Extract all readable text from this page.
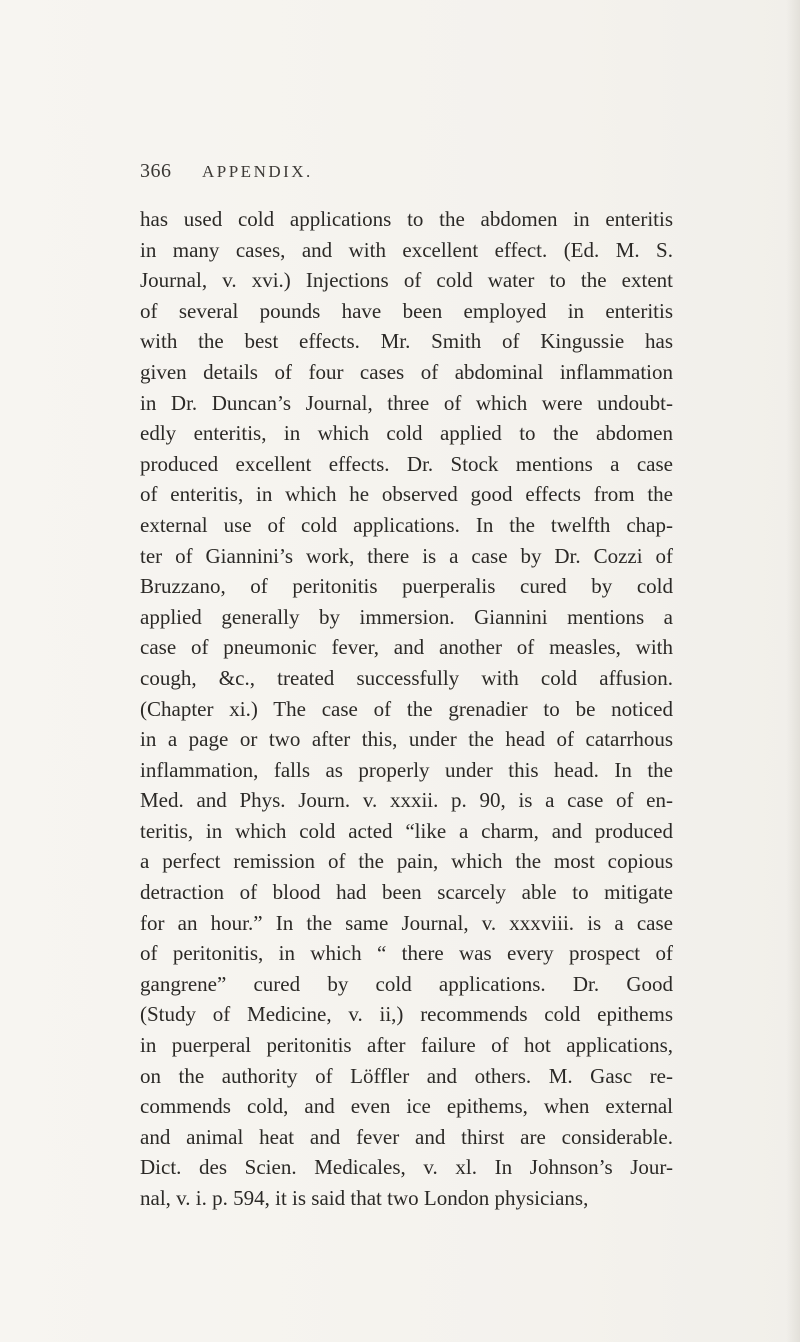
366 APPENDIX.
has used cold applications to the abdomen in enteritis
in many cases, and with excellent effect. (Ed. M. S.
Journal, v. xvi.) Injections of cold water to the extent
of several pounds have been employed in enteritis
with the best effects. Mr. Smith of Kingussie has
given details of four cases of abdominal inflammation
in Dr. Duncan’s Journal, three of which were undoubt-
edly enteritis, in which cold applied to the abdomen
produced excellent effects. Dr. Stock mentions a case
of enteritis, in which he observed good effects from the
external use of cold applications. In the twelfth chap-
ter of Giannini’s work, there is a case by Dr. Cozzi of
Bruzzano, of peritonitis puerperalis cured by cold
applied generally by immersion. Giannini mentions a
case of pneumonic fever, and another of measles, with
cough, &c., treated successfully with cold affusion.
(Chapter xi.) The case of the grenadier to be noticed
in a page or two after this, under the head of catarrhous
inflammation, falls as properly under this head. In the
Med. and Phys. Journ. v. xxxii. p. 90, is a case of en-
teritis, in which cold acted “like a charm, and produced
a perfect remission of the pain, which the most copious
detraction of blood had been scarcely able to mitigate
for an hour.” In the same Journal, v. xxxviii. is a case
of peritonitis, in which “ there was every prospect of
gangrene” cured by cold applications. Dr. Good
(Study of Medicine, v. ii,) recommends cold epithems
in puerperal peritonitis after failure of hot applications,
on the authority of Löffler and others. M. Gasc re-
commends cold, and even ice epithems, when external
and animal heat and fever and thirst are considerable.
Dict. des Scien. Medicales, v. xl. In Johnson’s Jour-
nal, v. i. p. 594, it is said that two London physicians,
